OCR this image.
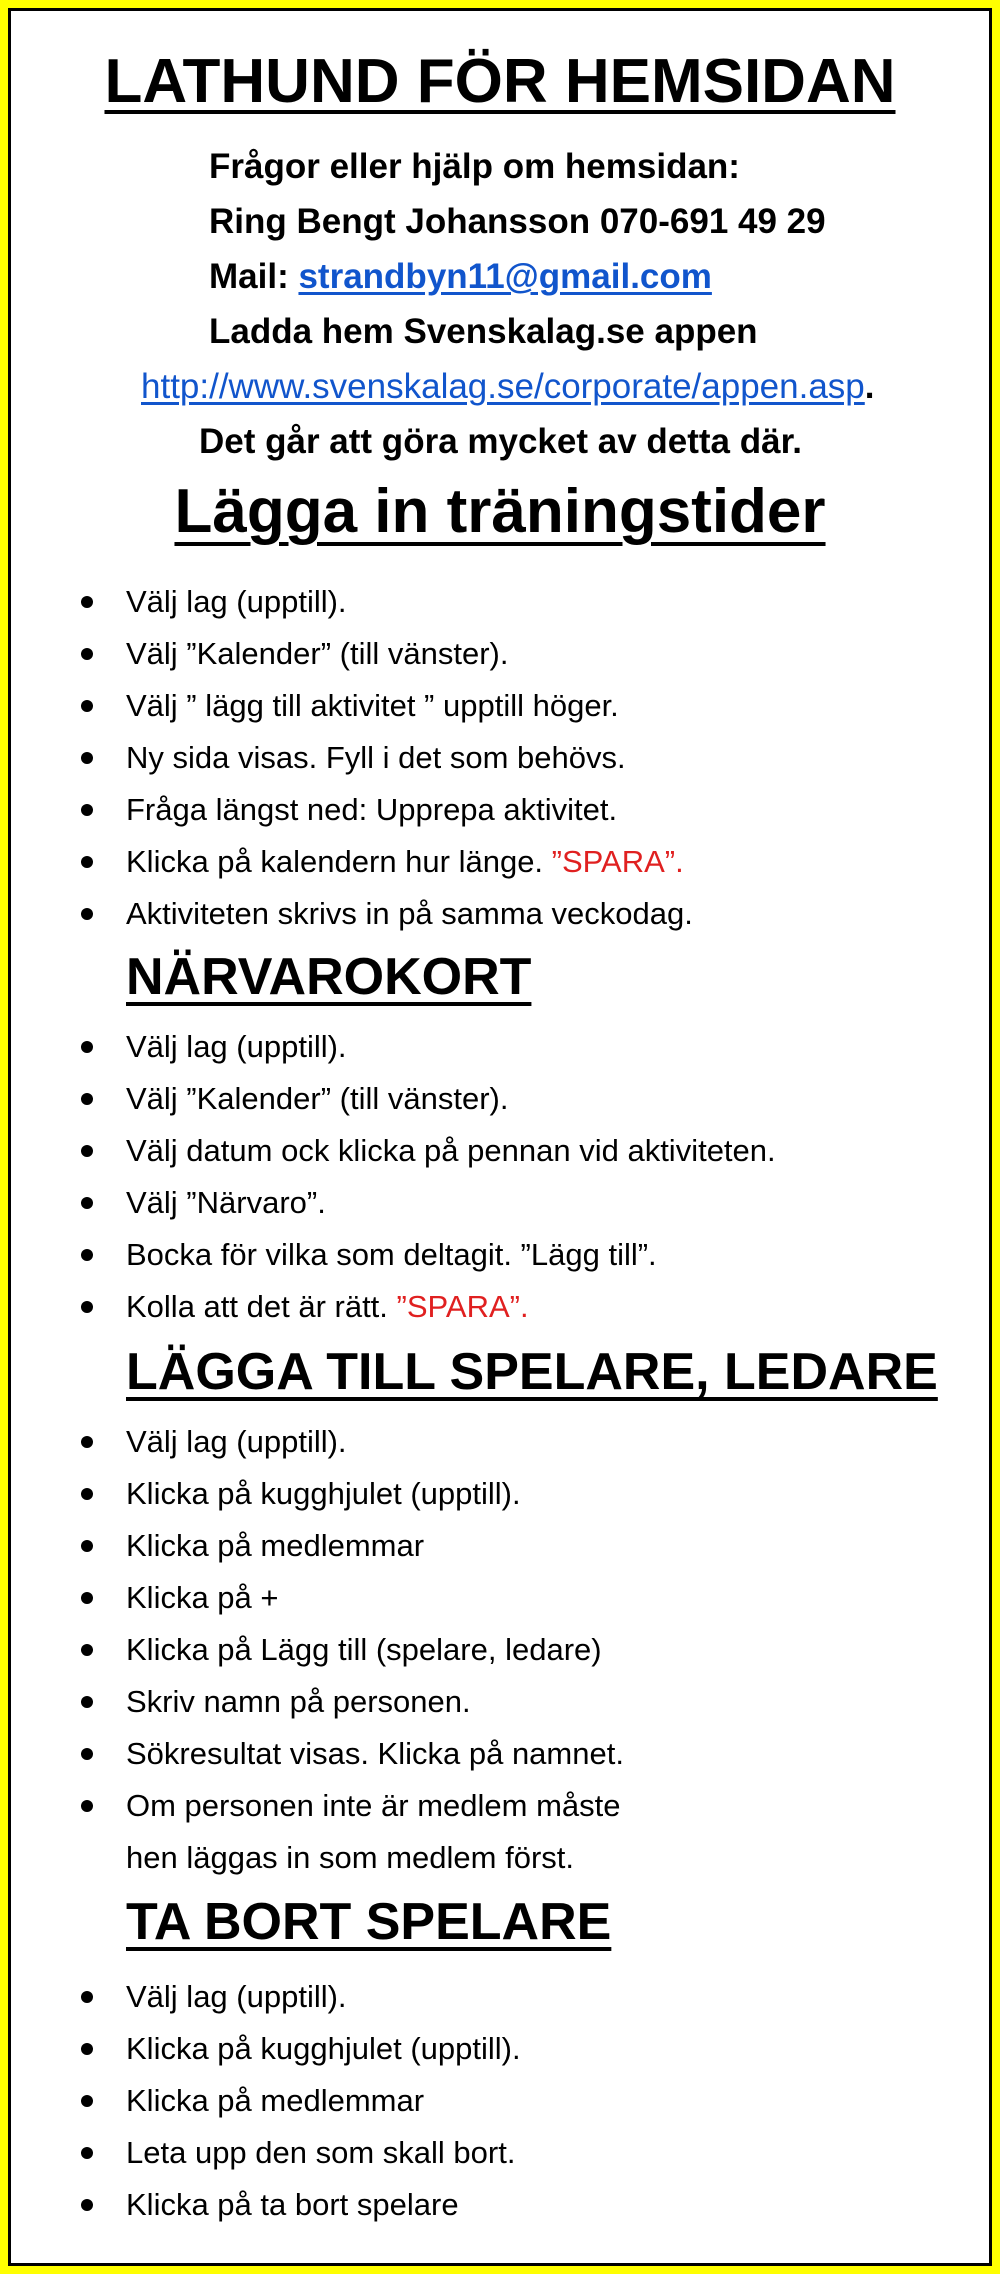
LATHUND FÖR HEMSIDAN
Frågor eller hjälp om hemsidan:
Ring Bengt Johansson 070-691 49 29
Mail: strandbyn11@gmail.com
Ladda hem Svenskalag.se appen
http://www.svenskalag.se/corporate/appen.asp.
Det går att göra mycket av detta där.
Lägga in träningstider
Välj lag (upptill).
Välj ”Kalender” (till vänster).
Välj ” lägg till aktivitet ” upptill höger.
Ny sida visas. Fyll i det som behövs.
Fråga längst ned: Upprepa aktivitet.
Klicka på kalendern hur länge. ”SPARA”.
Aktiviteten skrivs in på samma veckodag.
NÄRVAROKORT
Välj lag (upptill).
Välj ”Kalender” (till vänster).
Välj datum ock klicka på pennan vid aktiviteten.
Välj ”Närvaro”.
Bocka för vilka som deltagit. ”Lägg till”.
Kolla att det är rätt. ”SPARA”.
LÄGGA TILL SPELARE, LEDARE
Välj lag (upptill).
Klicka på kugghjulet (upptill).
Klicka på medlemmar
Klicka på +
Klicka på Lägg till (spelare, ledare)
Skriv namn på personen.
Sökresultat visas. Klicka på namnet.
Om personen inte är medlem måste
hen läggas in som medlem först.
TA BORT SPELARE
Välj lag (upptill).
Klicka på kugghjulet (upptill).
Klicka på medlemmar
Leta upp den som skall bort.
Klicka på ta bort spelare
